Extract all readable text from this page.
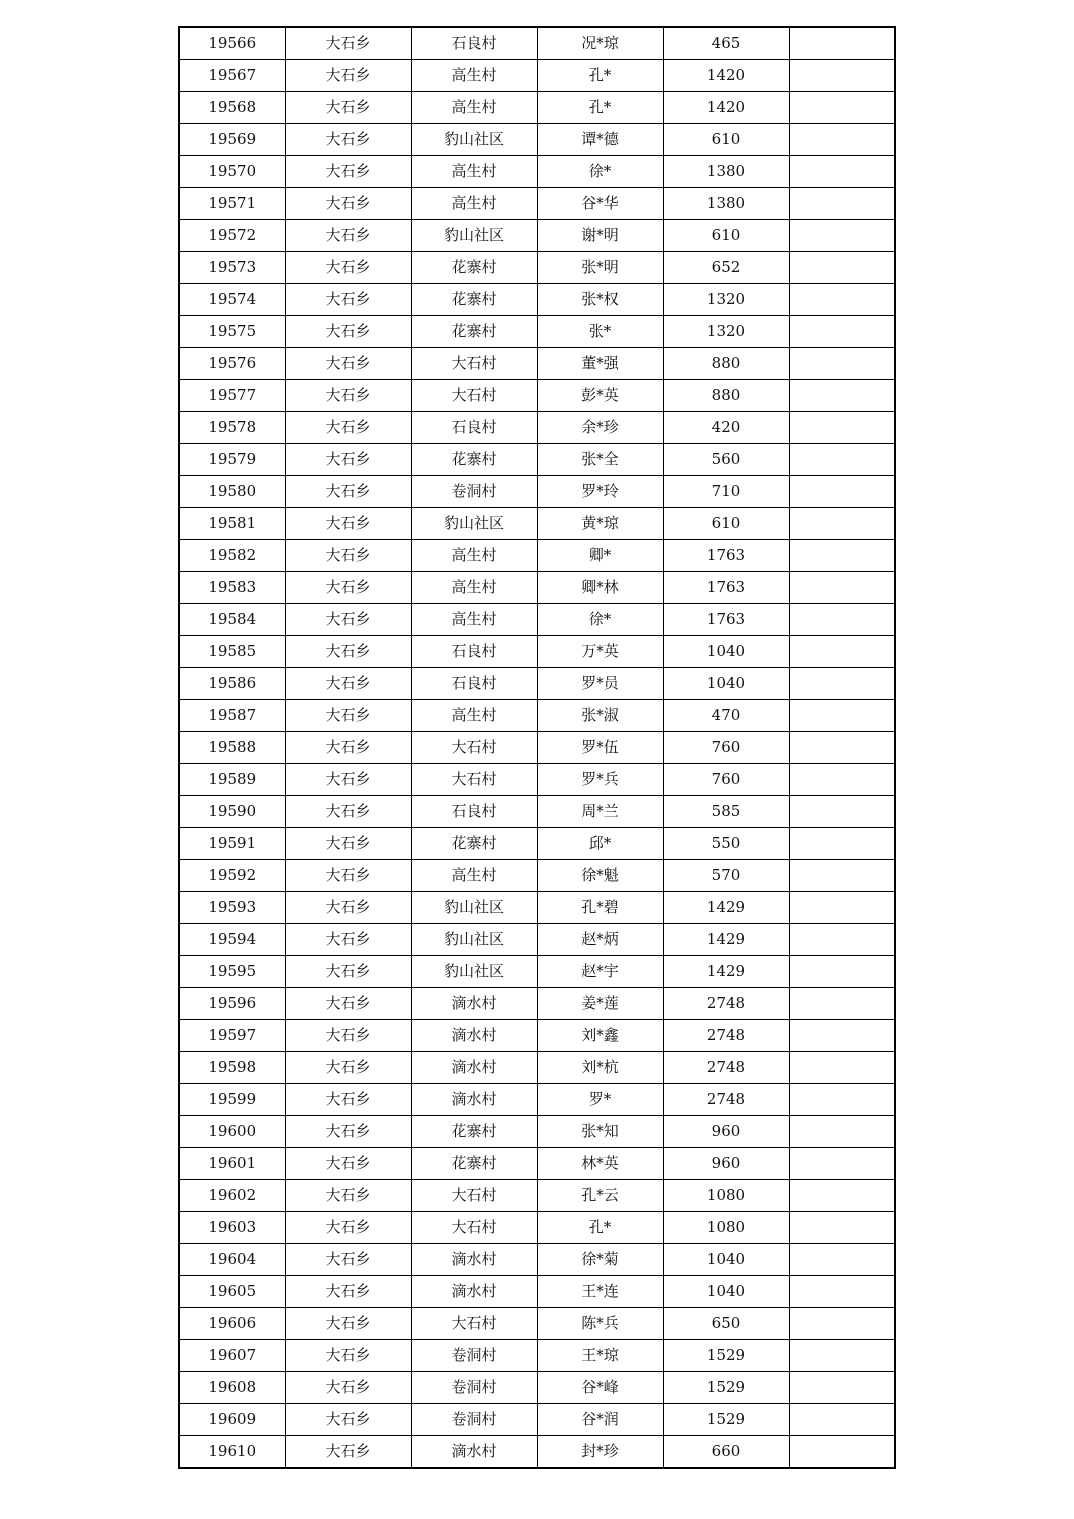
19566	大石乡	石良村	况*琼	465	
19567	大石乡	高生村	孔*	1420	
19568	大石乡	高生村	孔*	1420	
19569	大石乡	豹山社区	谭*德	610	
19570	大石乡	高生村	徐*	1380	
19571	大石乡	高生村	谷*华	1380	
19572	大石乡	豹山社区	谢*明	610	
19573	大石乡	花寨村	张*明	652	
19574	大石乡	花寨村	张*权	1320	
19575	大石乡	花寨村	张*	1320	
19576	大石乡	大石村	董*强	880	
19577	大石乡	大石村	彭*英	880	
19578	大石乡	石良村	余*珍	420	
19579	大石乡	花寨村	张*全	560	
19580	大石乡	卷洞村	罗*玲	710	
19581	大石乡	豹山社区	黄*琼	610	
19582	大石乡	高生村	卿*	1763	
19583	大石乡	高生村	卿*林	1763	
19584	大石乡	高生村	徐*	1763	
19585	大石乡	石良村	万*英	1040	
19586	大石乡	石良村	罗*员	1040	
19587	大石乡	高生村	张*淑	470	
19588	大石乡	大石村	罗*伍	760	
19589	大石乡	大石村	罗*兵	760	
19590	大石乡	石良村	周*兰	585	
19591	大石乡	花寨村	邱*	550	
19592	大石乡	高生村	徐*魁	570	
19593	大石乡	豹山社区	孔*碧	1429	
19594	大石乡	豹山社区	赵*炳	1429	
19595	大石乡	豹山社区	赵*宇	1429	
19596	大石乡	滴水村	姜*莲	2748	
19597	大石乡	滴水村	刘*鑫	2748	
19598	大石乡	滴水村	刘*杭	2748	
19599	大石乡	滴水村	罗*	2748	
19600	大石乡	花寨村	张*知	960	
19601	大石乡	花寨村	林*英	960	
19602	大石乡	大石村	孔*云	1080	
19603	大石乡	大石村	孔*	1080	
19604	大石乡	滴水村	徐*菊	1040	
19605	大石乡	滴水村	王*连	1040	
19606	大石乡	大石村	陈*兵	650	
19607	大石乡	卷洞村	王*琼	1529	
19608	大石乡	卷洞村	谷*峰	1529	
19609	大石乡	卷洞村	谷*润	1529	
19610	大石乡	滴水村	封*珍	660	
